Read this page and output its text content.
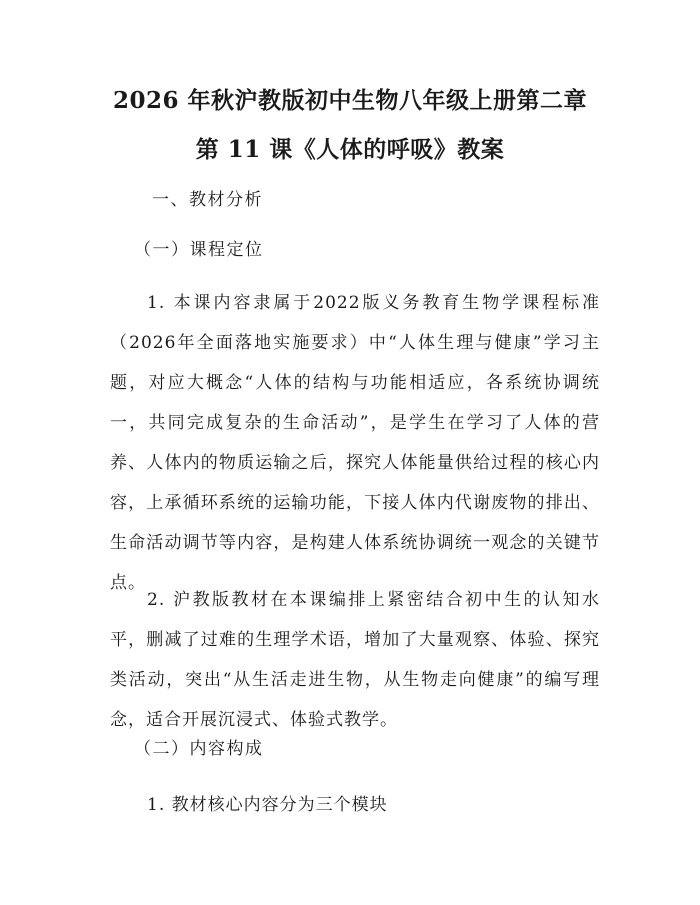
2026 年秋沪教版初中生物八年级上册第二章
第 11 课《人体的呼吸》教案

一、教材分析

（一）课程定位

1. 本课内容隶属于2022版义务教育生物学课程标准（2026年全面落地实施要求）中“人体生理与健康”学习主题，对应大概念“人体的结构与功能相适应，各系统协调统一，共同完成复杂的生命活动”，是学生在学习了人体的营养、人体内的物质运输之后，探究人体能量供给过程的核心内容，上承循环系统的运输功能，下接人体内代谢废物的排出、生命活动调节等内容，是构建人体系统协调统一观念的关键节点。

2. 沪教版教材在本课编排上紧密结合初中生的认知水平，删减了过难的生理学术语，增加了大量观察、体验、探究类活动，突出“从生活走进生物，从生物走向健康”的编写理念，适合开展沉浸式、体验式教学。

（二）内容构成

1. 教材核心内容分为三个模块
